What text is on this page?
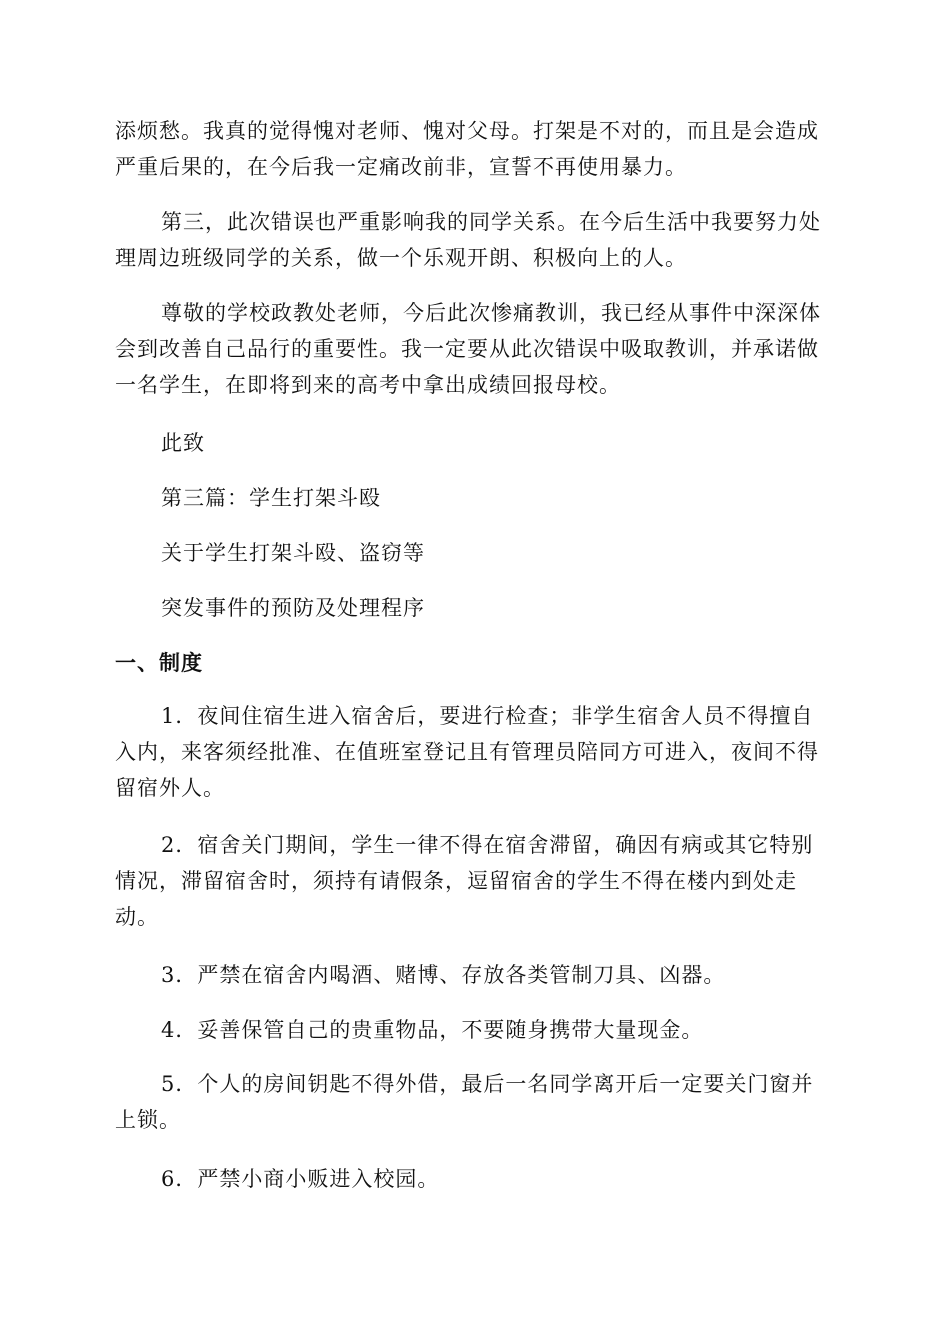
添烦愁。我真的觉得愧对老师、愧对父母。打架是不对的，而且是会造成
严重后果的，在今后我一定痛改前非，宣誓不再使用暴力。

第三，此次错误也严重影响我的同学关系。在今后生活中我要努力处
理周边班级同学的关系，做一个乐观开朗、积极向上的人。

尊敬的学校政教处老师，今后此次惨痛教训，我已经从事件中深深体
会到改善自己品行的重要性。我一定要从此次错误中吸取教训，并承诺做
一名学生，在即将到来的高考中拿出成绩回报母校。

此致

第三篇：学生打架斗殴

关于学生打架斗殴、盗窃等

突发事件的预防及处理程序

一、制度

1．夜间住宿生进入宿舍后，要进行检查；非学生宿舍人员不得擅自
入内，来客须经批准、在值班室登记且有管理员陪同方可进入，夜间不得
留宿外人。

2．宿舍关门期间，学生一律不得在宿舍滞留，确因有病或其它特别
情况，滞留宿舍时，须持有请假条，逗留宿舍的学生不得在楼内到处走
动。

3．严禁在宿舍内喝酒、赌博、存放各类管制刀具、凶器。

4．妥善保管自己的贵重物品，不要随身携带大量现金。

5．个人的房间钥匙不得外借，最后一名同学离开后一定要关门窗并
上锁。

6．严禁小商小贩进入校园。
